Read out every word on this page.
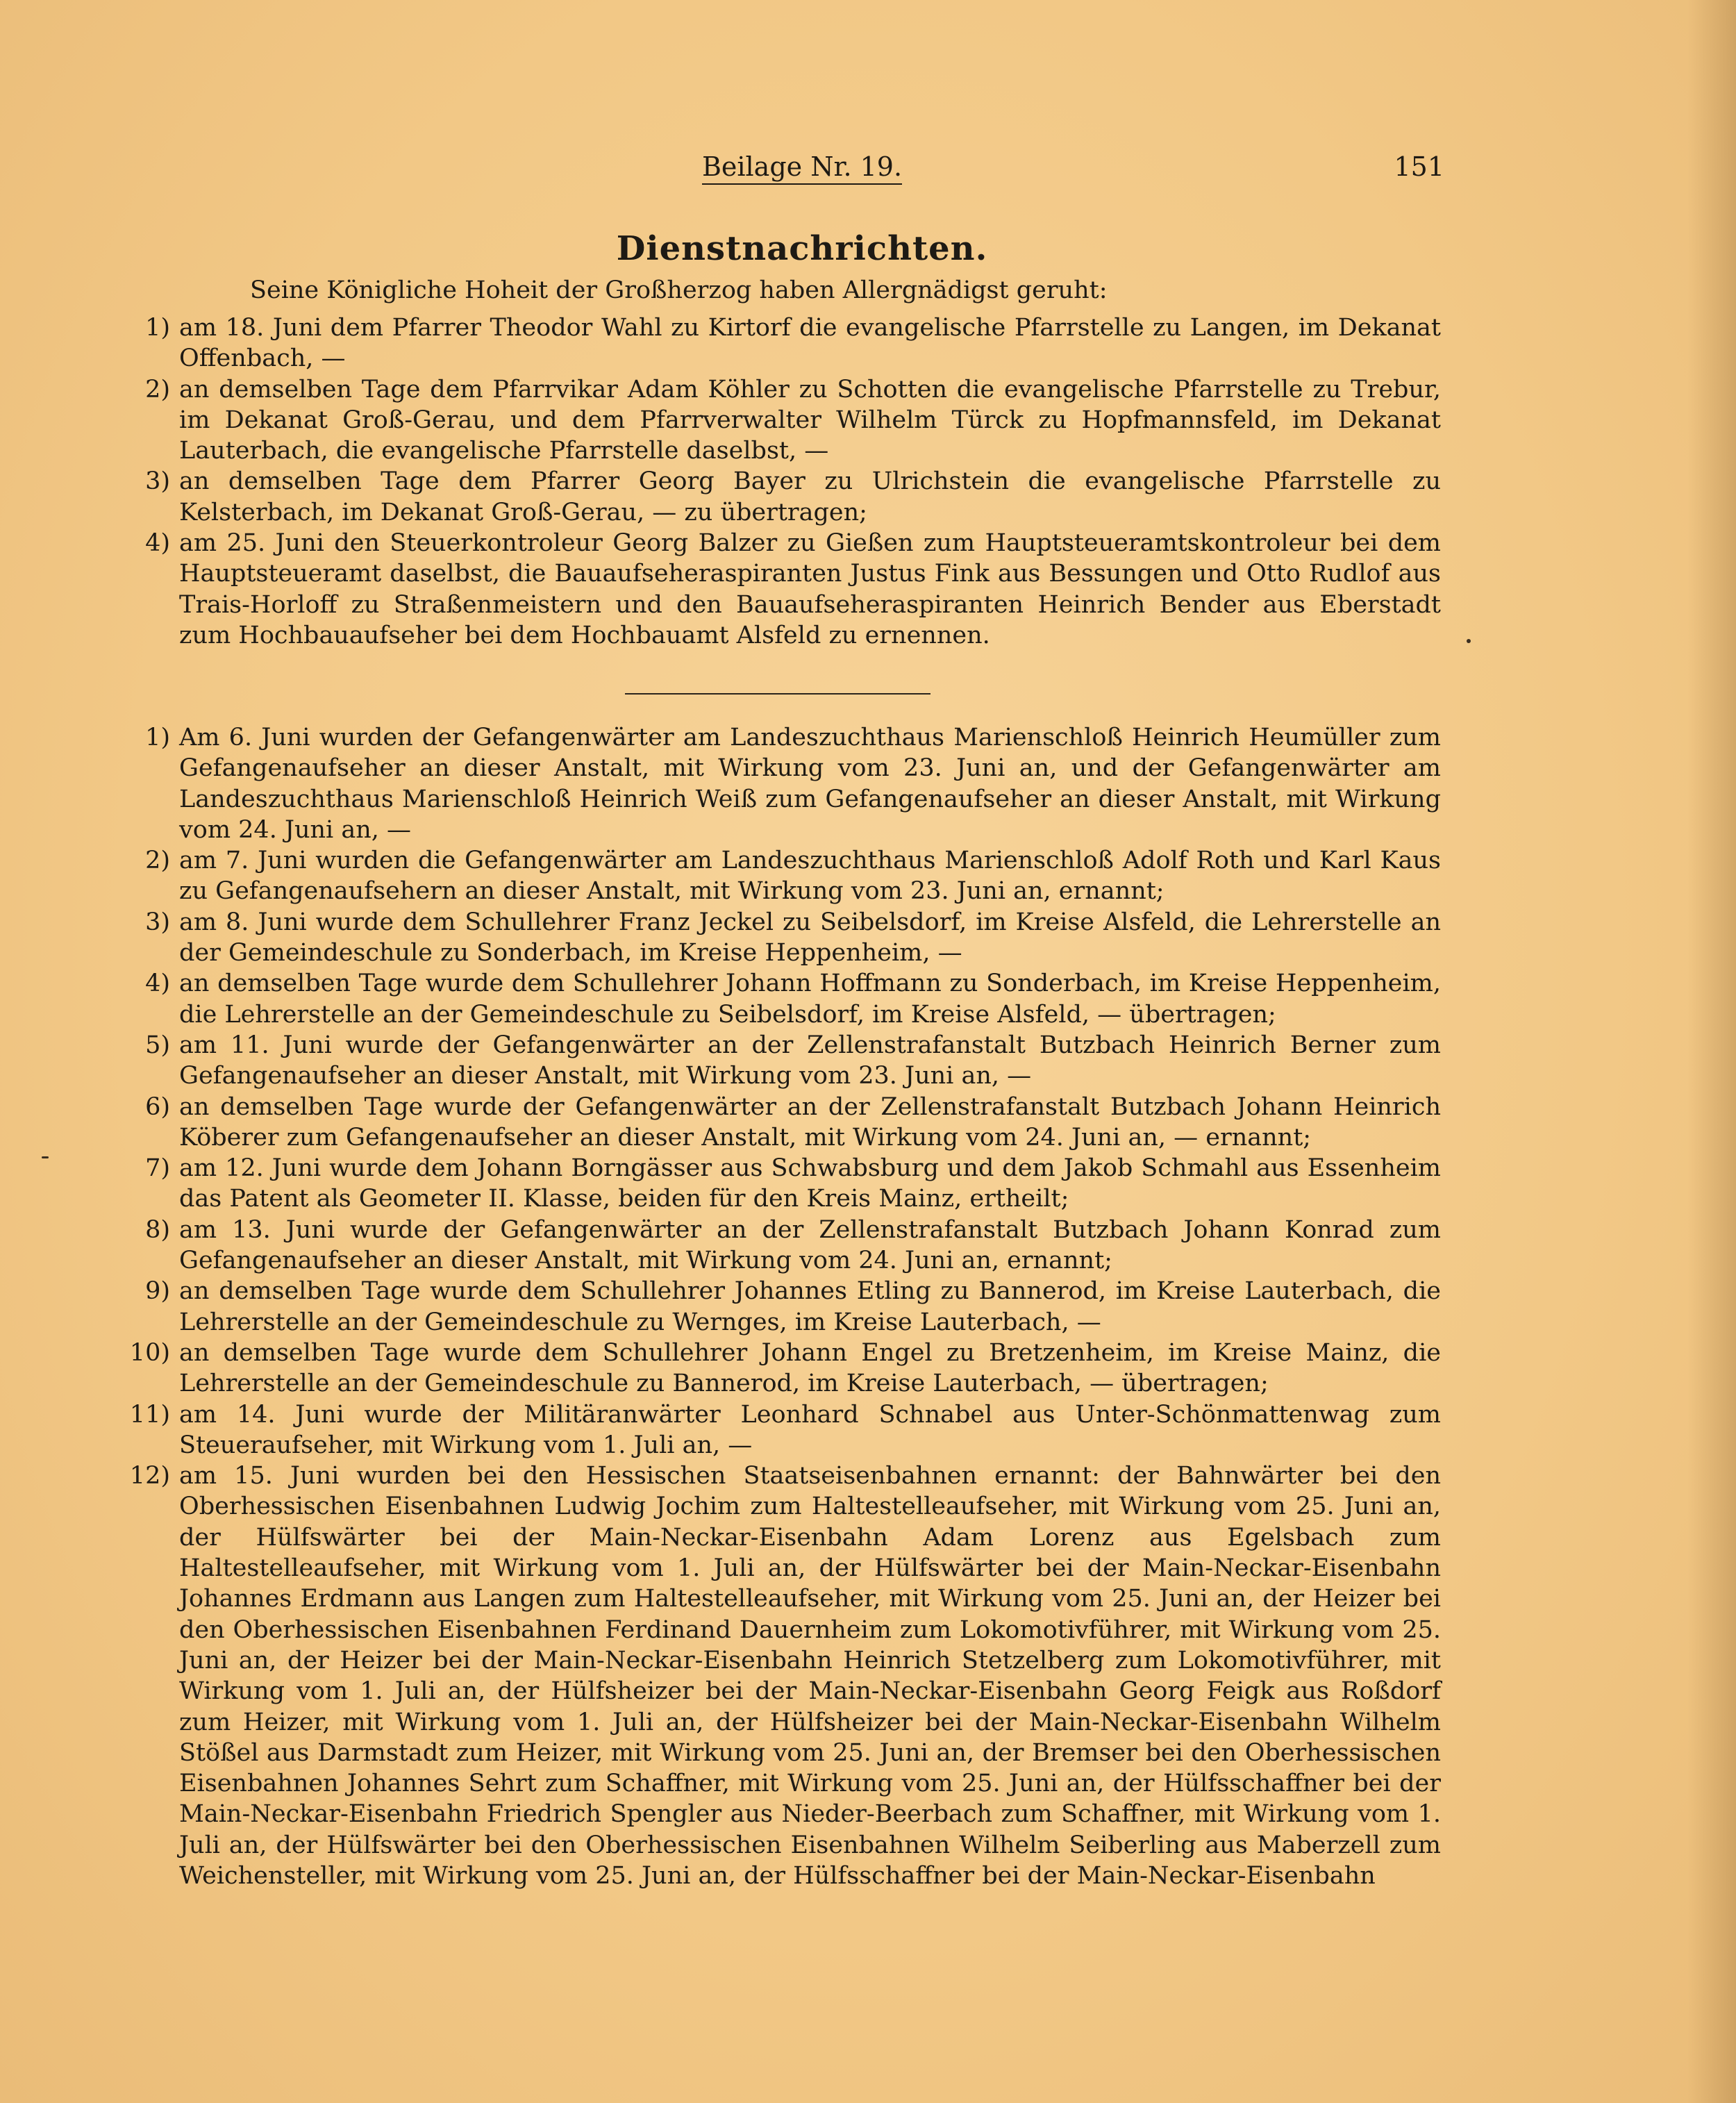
Beilage Nr. 19.	151
Dienstnachrichten.
Seine Königliche Hoheit der Großherzog haben Allergnädigst geruht:
1) am 18. Juni dem Pfarrer Theodor Wahl zu Kirtorf die evangelische Pfarrstelle zu Langen, im Dekanat Offenbach, —
2) an demselben Tage dem Pfarrvikar Adam Köhler zu Schotten die evangelische Pfarrstelle zu Trebur, im Dekanat Groß-Gerau, und dem Pfarrverwalter Wilhelm Türck zu Hopfmannsfeld, im Dekanat Lauterbach, die evangelische Pfarrstelle daselbst, —
3) an demselben Tage dem Pfarrer Georg Bayer zu Ulrichstein die evangelische Pfarrstelle zu Kelsterbach, im Dekanat Groß-Gerau, — zu übertragen;
4) am 25. Juni den Steuerkontroleur Georg Balzer zu Gießen zum Hauptsteueramtskontroleur bei dem Hauptsteueramt daselbst, die Bauaufseheraspiranten Justus Fink aus Bessungen und Otto Rudlof aus Trais-Horloff zu Straßenmeistern und den Bauaufseheraspiranten Heinrich Bender aus Eberstadt zum Hochbauaufseher bei dem Hochbauamt Alsfeld zu ernennen.
1) Am 6. Juni wurden der Gefangenwärter am Landeszuchthaus Marienschloß Heinrich Heumüller zum Gefangenaufseher an dieser Anstalt, mit Wirkung vom 23. Juni an, und der Gefangenwärter am Landeszuchthaus Marienschloß Heinrich Weiß zum Gefangenaufseher an dieser Anstalt, mit Wirkung vom 24. Juni an, —
2) am 7. Juni wurden die Gefangenwärter am Landeszuchthaus Marienschloß Adolf Roth und Karl Kaus zu Gefangenaufsehern an dieser Anstalt, mit Wirkung vom 23. Juni an, ernannt;
3) am 8. Juni wurde dem Schullehrer Franz Jeckel zu Seibelsdorf, im Kreise Alsfeld, die Lehrerstelle an der Gemeindeschule zu Sonderbach, im Kreise Heppenheim, —
4) an demselben Tage wurde dem Schullehrer Johann Hoffmann zu Sonderbach, im Kreise Heppenheim, die Lehrerstelle an der Gemeindeschule zu Seibelsdorf, im Kreise Alsfeld, — übertragen;
5) am 11. Juni wurde der Gefangenwärter an der Zellenstrafanstalt Butzbach Heinrich Berner zum Gefangenaufseher an dieser Anstalt, mit Wirkung vom 23. Juni an, —
6) an demselben Tage wurde der Gefangenwärter an der Zellenstrafanstalt Butzbach Johann Heinrich Köberer zum Gefangenaufseher an dieser Anstalt, mit Wirkung vom 24. Juni an, — ernannt;
7) am 12. Juni wurde dem Johann Borngässer aus Schwabsburg und dem Jakob Schmahl aus Essenheim das Patent als Geometer II. Klasse, beiden für den Kreis Mainz, ertheilt;
8) am 13. Juni wurde der Gefangenwärter an der Zellenstrafanstalt Butzbach Johann Konrad zum Gefangenaufseher an dieser Anstalt, mit Wirkung vom 24. Juni an, ernannt;
9) an demselben Tage wurde dem Schullehrer Johannes Etling zu Bannerod, im Kreise Lauterbach, die Lehrerstelle an der Gemeindeschule zu Wernges, im Kreise Lauterbach, —
10) an demselben Tage wurde dem Schullehrer Johann Engel zu Bretzenheim, im Kreise Mainz, die Lehrerstelle an der Gemeindeschule zu Bannerod, im Kreise Lauterbach, — übertragen;
11) am 14. Juni wurde der Militäranwärter Leonhard Schnabel aus Unter-Schönmattenwag zum Steueraufseher, mit Wirkung vom 1. Juli an, —
12) am 15. Juni wurden bei den Hessischen Staatseisenbahnen ernannt: der Bahnwärter bei den Oberhessischen Eisenbahnen Ludwig Jochim zum Haltestelleaufseher, mit Wirkung vom 25. Juni an, der Hülfswärter bei der Main-Neckar-Eisenbahn Adam Lorenz aus Egelsbach zum Haltestelleaufseher, mit Wirkung vom 1. Juli an, der Hülfswärter bei der Main-Neckar-Eisenbahn Johannes Erdmann aus Langen zum Haltestelleaufseher, mit Wirkung vom 25. Juni an, der Heizer bei den Oberhessischen Eisenbahnen Ferdinand Dauernheim zum Lokomotivführer, mit Wirkung vom 25. Juni an, der Heizer bei der Main-Neckar-Eisenbahn Heinrich Stetzelberg zum Lokomotivführer, mit Wirkung vom 1. Juli an, der Hülfsheizer bei der Main-Neckar-Eisenbahn Georg Feigk aus Roßdorf zum Heizer, mit Wirkung vom 1. Juli an, der Hülfsheizer bei der Main-Neckar-Eisenbahn Wilhelm Stößel aus Darmstadt zum Heizer, mit Wirkung vom 25. Juni an, der Bremser bei den Oberhessischen Eisenbahnen Johannes Sehrt zum Schaffner, mit Wirkung vom 25. Juni an, der Hülfsschaffner bei der Main-Neckar-Eisenbahn Friedrich Spengler aus Nieder-Beerbach zum Schaffner, mit Wirkung vom 1. Juli an, der Hülfswärter bei den Oberhessischen Eisenbahnen Wilhelm Seiberling aus Maberzell zum Weichensteller, mit Wirkung vom 25. Juni an, der Hülfsschaffner bei der Main-Neckar-Eisenbahn
